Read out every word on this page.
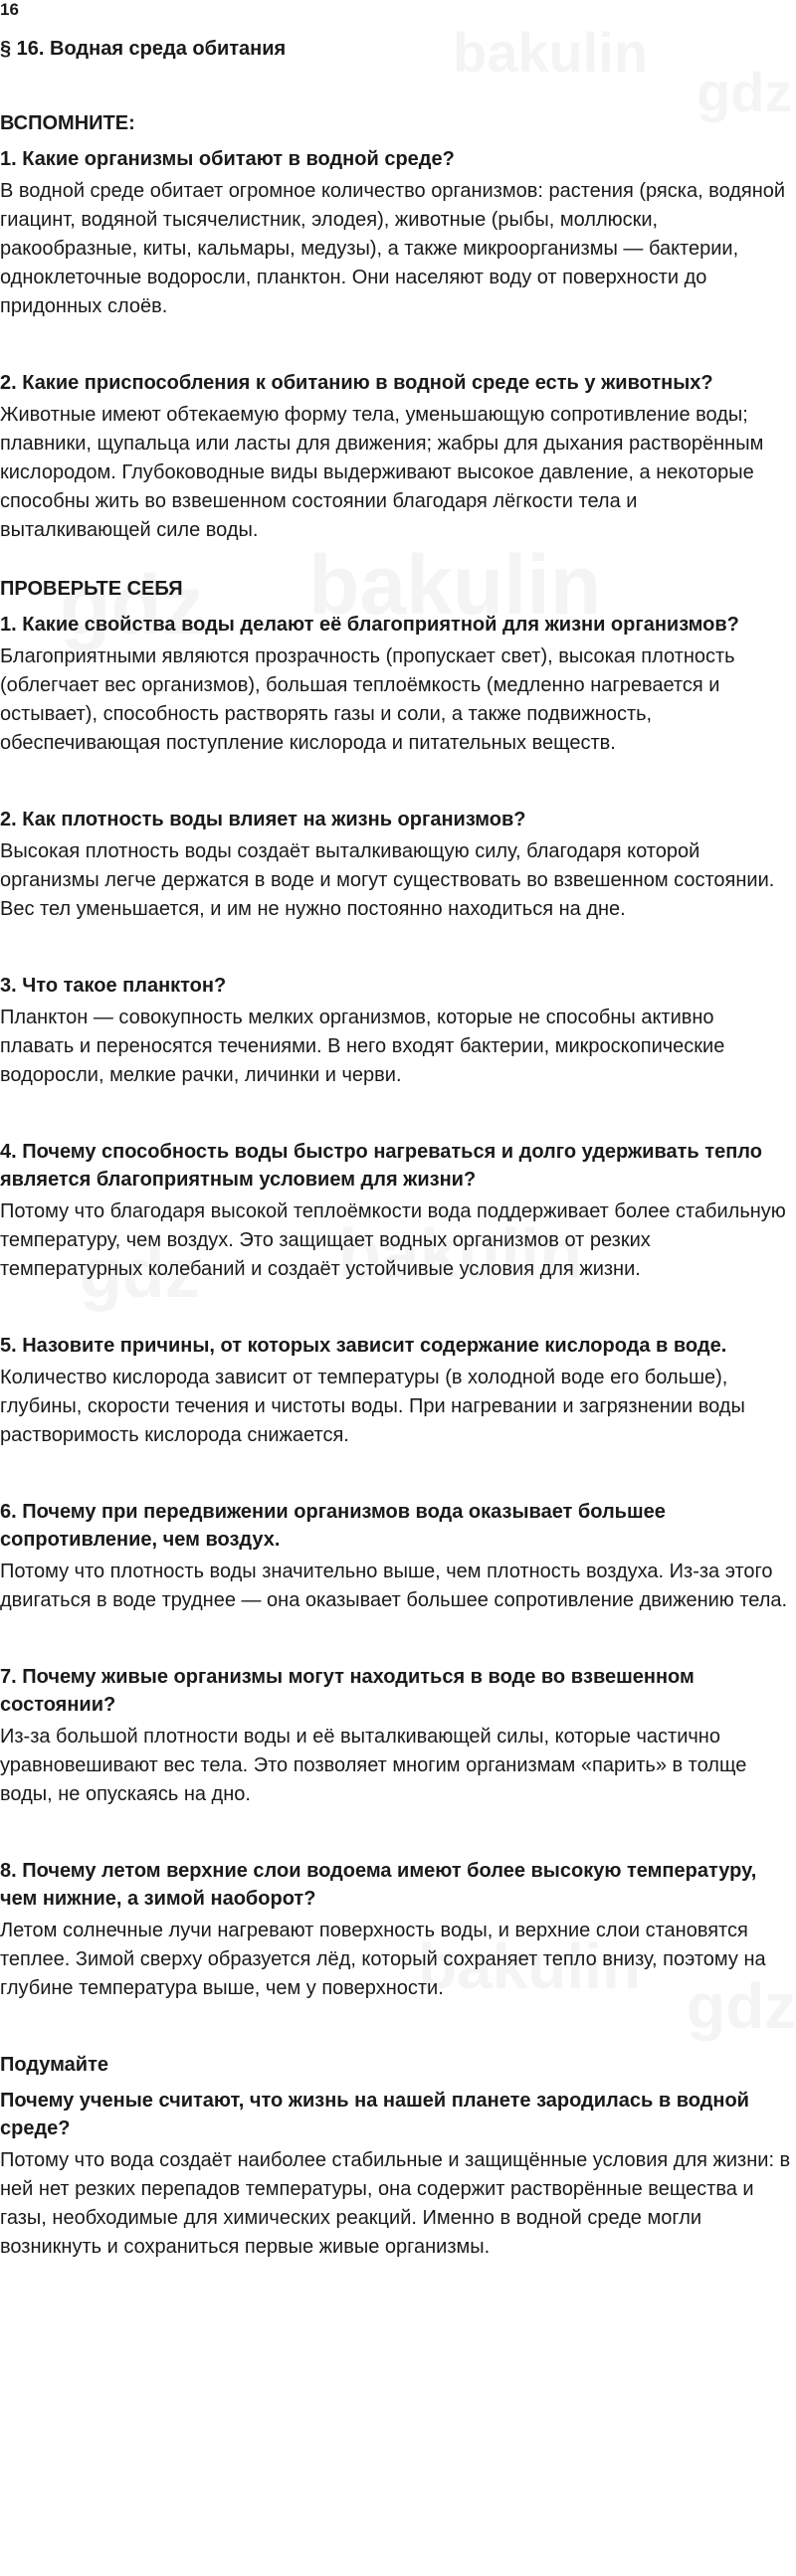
16
§ 16. Водная среда обитания
ВСПОМНИТЕ:
1. Какие организмы обитают в водной среде?
В водной среде обитает огромное количество организмов: растения (ряска, водяной гиацинт, водяной тысячелистник, элодея), животные (рыбы, моллюски, ракообразные, киты, кальмары, медузы), а также микроорганизмы — бактерии, одноклеточные водоросли, планктон. Они населяют воду от поверхности до придонных слоёв.
2. Какие приспособления к обитанию в водной среде есть у животных?
Животные имеют обтекаемую форму тела, уменьшающую сопротивление воды; плавники, щупальца или ласты для движения; жабры для дыхания растворённым кислородом. Глубоководные виды выдерживают высокое давление, а некоторые способны жить во взвешенном состоянии благодаря лёгкости тела и выталкивающей силе воды.
ПРОВЕРЬТЕ СЕБЯ
1. Какие свойства воды делают её благоприятной для жизни организмов?
Благоприятными являются прозрачность (пропускает свет), высокая плотность (облегчает вес организмов), большая теплоёмкость (медленно нагревается и остывает), способность растворять газы и соли, а также подвижность, обеспечивающая поступление кислорода и питательных веществ.
2. Как плотность воды влияет на жизнь организмов?
Высокая плотность воды создаёт выталкивающую силу, благодаря которой организмы легче держатся в воде и могут существовать во взвешенном состоянии. Вес тел уменьшается, и им не нужно постоянно находиться на дне.
3. Что такое планктон?
Планктон — совокупность мелких организмов, которые не способны активно плавать и переносятся течениями. В него входят бактерии, микроскопические водоросли, мелкие рачки, личинки и черви.
4. Почему способность воды быстро нагреваться и долго удерживать тепло является благоприятным условием для жизни?
Потому что благодаря высокой теплоёмкости вода поддерживает более стабильную температуру, чем воздух. Это защищает водных организмов от резких температурных колебаний и создаёт устойчивые условия для жизни.
5. Назовите причины, от которых зависит содержание кислорода в воде.
Количество кислорода зависит от температуры (в холодной воде его больше), глубины, скорости течения и чистоты воды. При нагревании и загрязнении воды растворимость кислорода снижается.
6. Почему при передвижении организмов вода оказывает большее сопротивление, чем воздух.
Потому что плотность воды значительно выше, чем плотность воздуха. Из-за этого двигаться в воде труднее — она оказывает большее сопротивление движению тела.
7. Почему живые организмы могут находиться в воде во взвешенном состоянии?
Из-за большой плотности воды и её выталкивающей силы, которые частично уравновешивают вес тела. Это позволяет многим организмам «парить» в толще воды, не опускаясь на дно.
8. Почему летом верхние слои водоема имеют более высокую температуру, чем нижние, а зимой наоборот?
Летом солнечные лучи нагревают поверхность воды, и верхние слои становятся теплее. Зимой сверху образуется лёд, который сохраняет тепло внизу, поэтому на глубине температура выше, чем у поверхности.
Подумайте
Почему ученые считают, что жизнь на нашей планете зародилась в водной среде?
Потому что вода создаёт наиболее стабильные и защищённые условия для жизни: в ней нет резких перепадов температуры, она содержит растворённые вещества и газы, необходимые для химических реакций. Именно в водной среде могли возникнуть и сохраниться первые живые организмы.
